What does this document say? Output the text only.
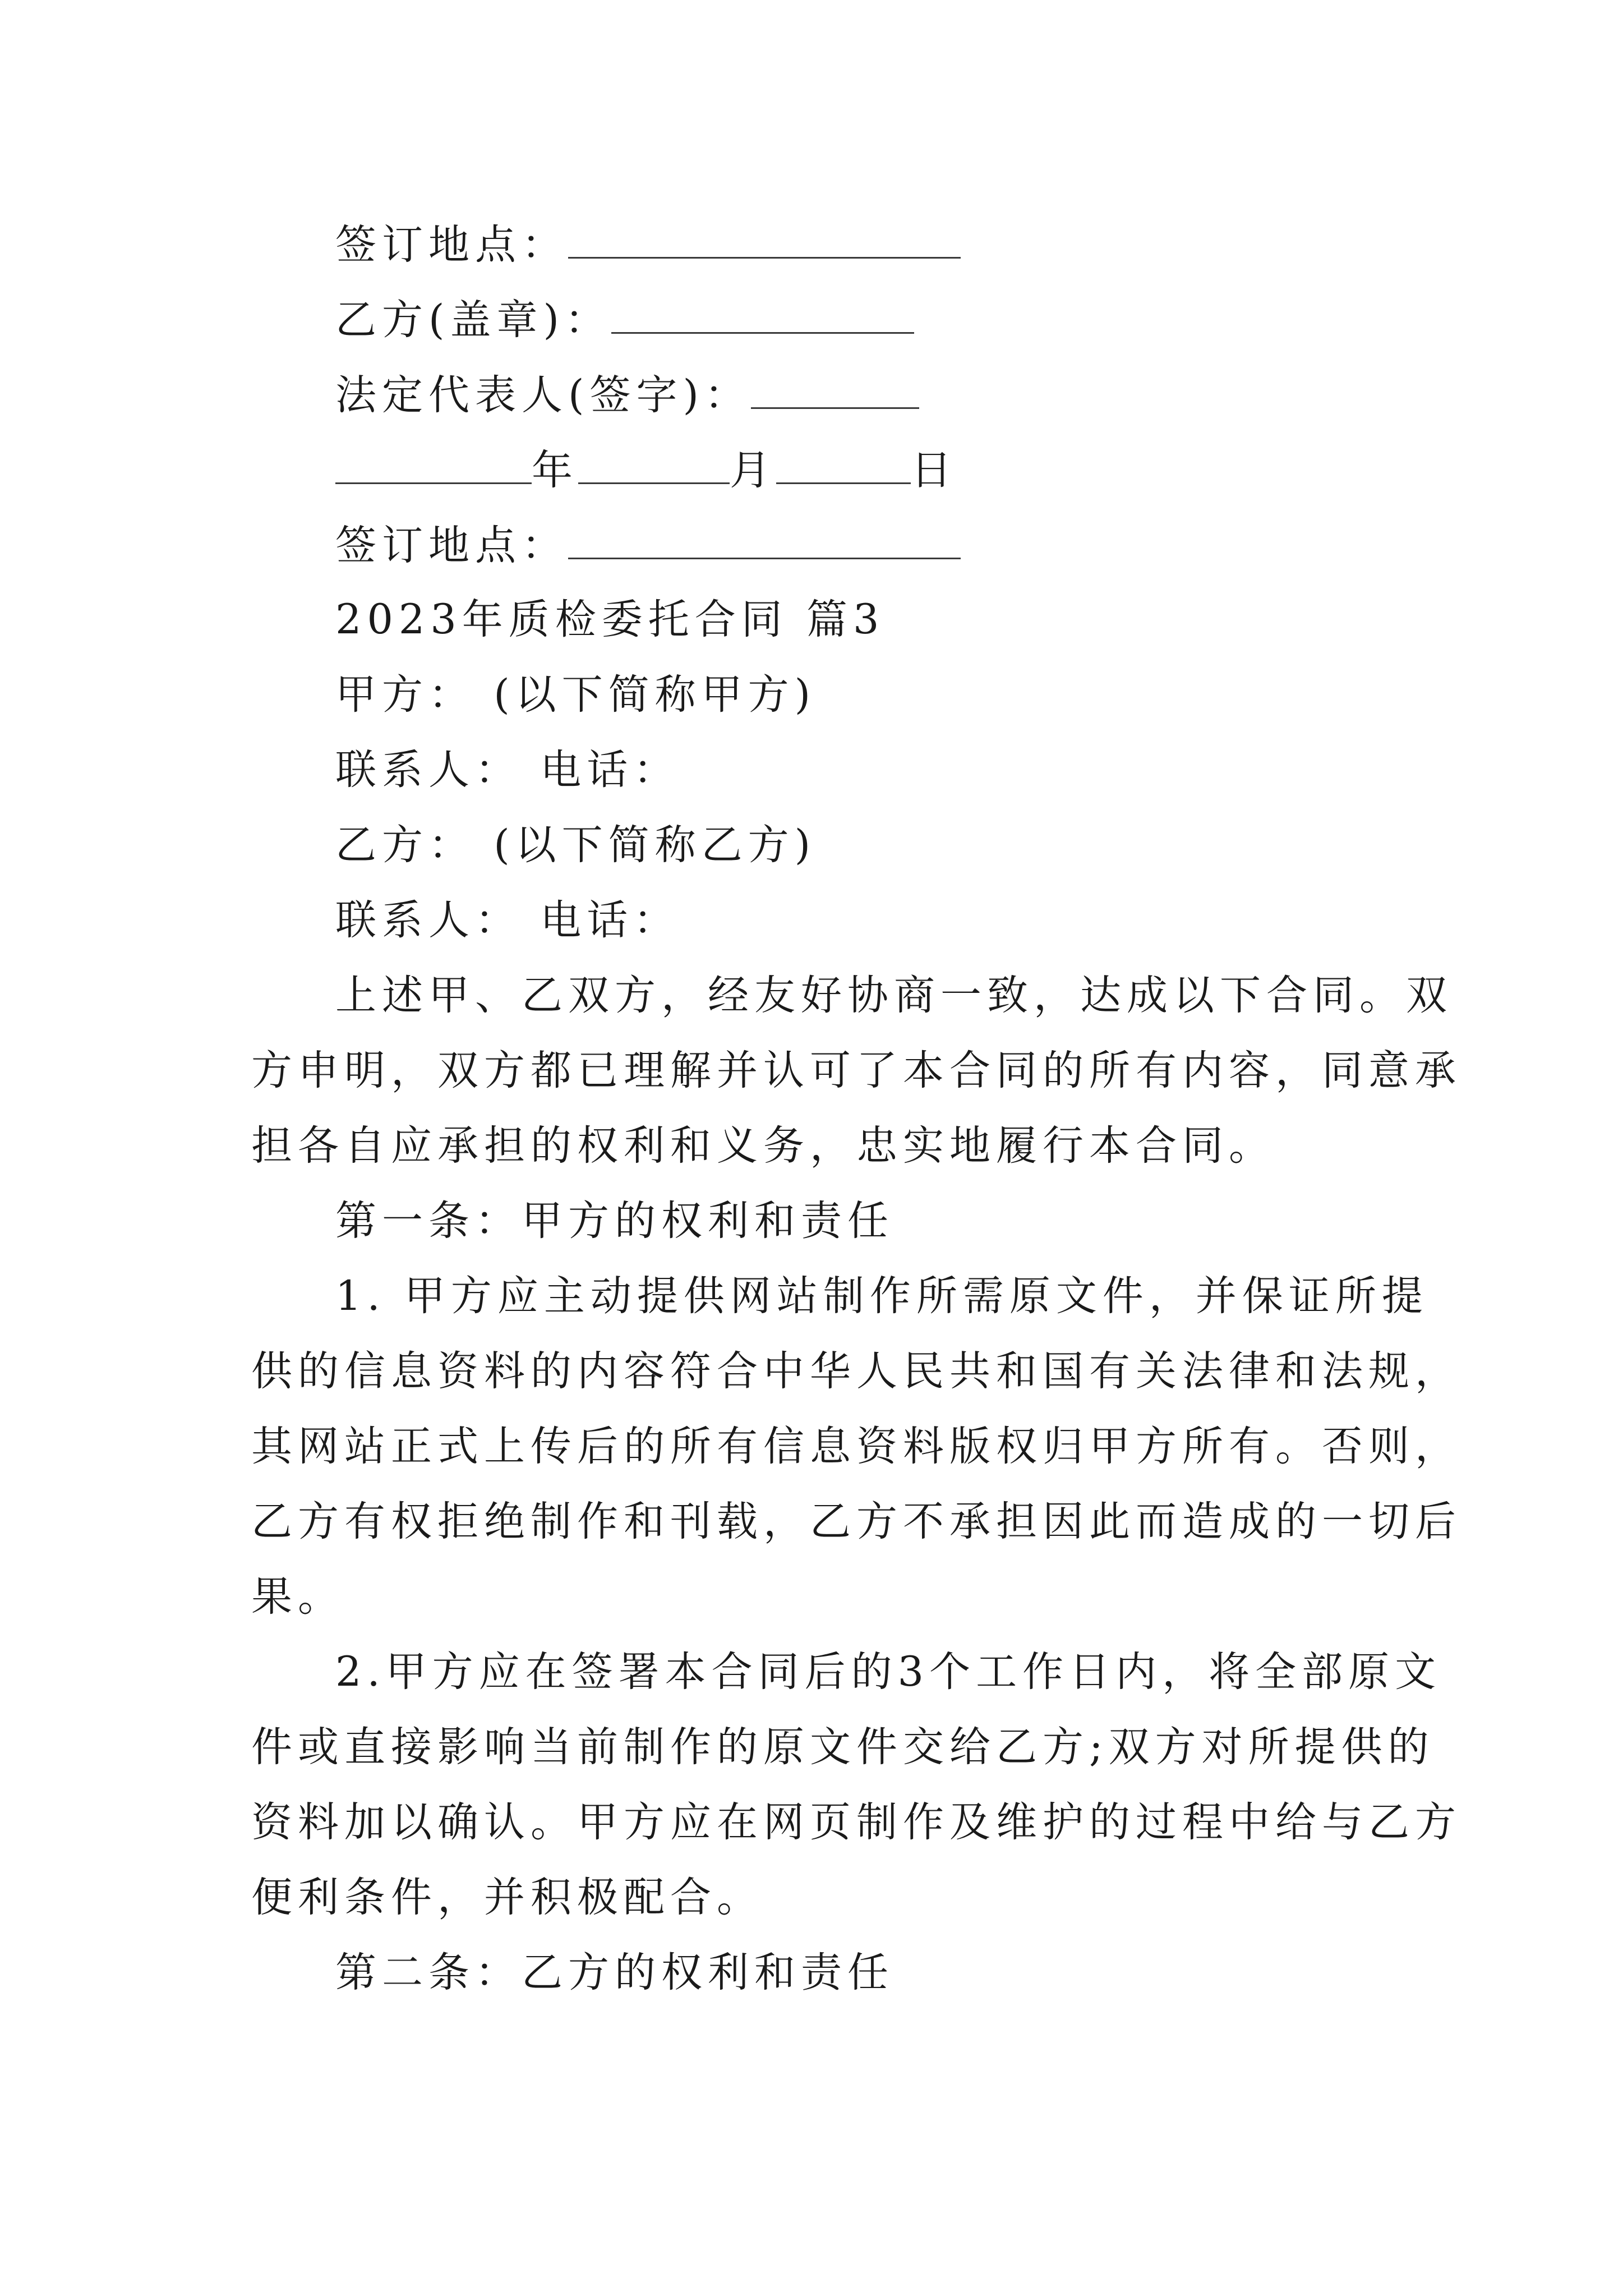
签订地点：
乙方(盖章)：
法定代表人(签字)：
年	月	日
签订地点：
2023年质检委托合同 篇3
甲方： (以下简称甲方)
联系人： 电话：
乙方： (以下简称乙方)
联系人： 电话：
上述甲、乙双方，经友好协商一致，达成以下合同。双
方申明，双方都已理解并认可了本合同的所有内容，同意承
担各自应承担的权利和义务，忠实地履行本合同。
第一条：甲方的权利和责任
1. 甲方应主动提供网站制作所需原文件，并保证所提
供的信息资料的内容符合中华人民共和国有关法律和法规，
其网站正式上传后的所有信息资料版权归甲方所有。否则，
乙方有权拒绝制作和刊载，乙方不承担因此而造成的一切后
果。
2.甲方应在签署本合同后的3个工作日内，将全部原文
件或直接影响当前制作的原文件交给乙方;双方对所提供的
资料加以确认。甲方应在网页制作及维护的过程中给与乙方
便利条件，并积极配合。
第二条：乙方的权利和责任
